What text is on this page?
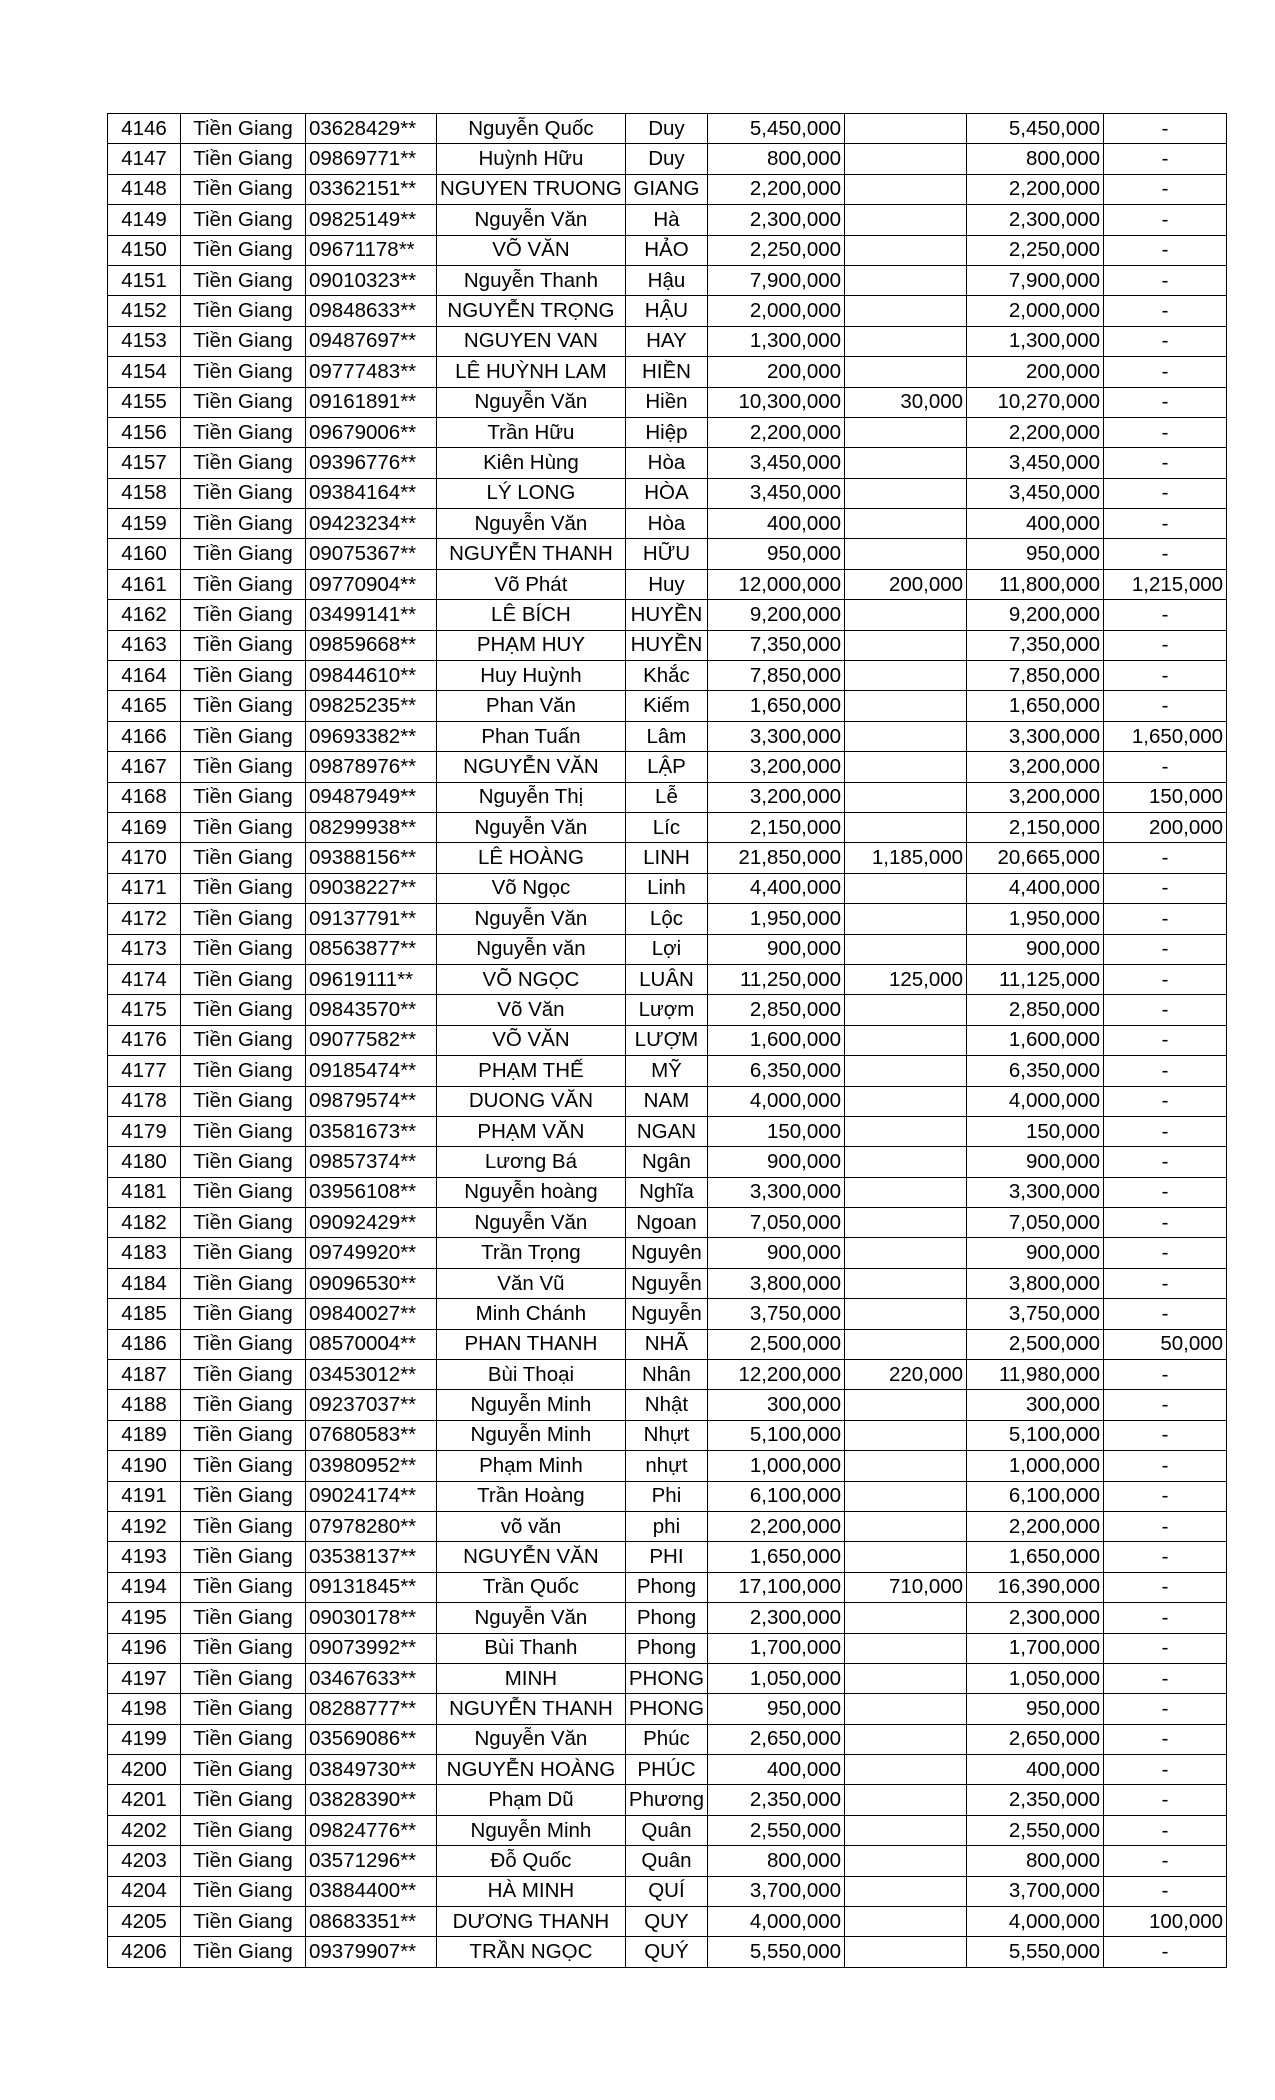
4146	Tiền Giang	03628429**	Nguyễn Quốc	Duy	5,450,000		5,450,000	-
4147	Tiền Giang	09869771**	Huỳnh Hữu	Duy	800,000		800,000	-
4148	Tiền Giang	03362151**	NGUYEN TRUONG	GIANG	2,200,000		2,200,000	-
4149	Tiền Giang	09825149**	Nguyễn Văn	Hà	2,300,000		2,300,000	-
4150	Tiền Giang	09671178**	VÕ VĂN	HẢO	2,250,000		2,250,000	-
4151	Tiền Giang	09010323**	Nguyễn Thanh	Hậu	7,900,000		7,900,000	-
4152	Tiền Giang	09848633**	NGUYỄN TRỌNG	HẬU	2,000,000		2,000,000	-
4153	Tiền Giang	09487697**	NGUYEN VAN	HAY	1,300,000		1,300,000	-
4154	Tiền Giang	09777483**	LÊ HUỲNH LAM	HIỀN	200,000		200,000	-
4155	Tiền Giang	09161891**	Nguyễn Văn	Hiền	10,300,000	30,000	10,270,000	-
4156	Tiền Giang	09679006**	Trần Hữu	Hiệp	2,200,000		2,200,000	-
4157	Tiền Giang	09396776**	Kiên Hùng	Hòa	3,450,000		3,450,000	-
4158	Tiền Giang	09384164**	LÝ LONG	HÒA	3,450,000		3,450,000	-
4159	Tiền Giang	09423234**	Nguyễn Văn	Hòa	400,000		400,000	-
4160	Tiền Giang	09075367**	NGUYỄN THANH	HỮU	950,000		950,000	-
4161	Tiền Giang	09770904**	Võ Phát	Huy	12,000,000	200,000	11,800,000	1,215,000
4162	Tiền Giang	03499141**	LÊ BÍCH	HUYỀN	9,200,000		9,200,000	-
4163	Tiền Giang	09859668**	PHẠM HUY	HUYỀN	7,350,000		7,350,000	-
4164	Tiền Giang	09844610**	Huy Huỳnh	Khắc	7,850,000		7,850,000	-
4165	Tiền Giang	09825235**	Phan Văn	Kiếm	1,650,000		1,650,000	-
4166	Tiền Giang	09693382**	Phan Tuấn	Lâm	3,300,000		3,300,000	1,650,000
4167	Tiền Giang	09878976**	NGUYỄN VĂN	LẬP	3,200,000		3,200,000	-
4168	Tiền Giang	09487949**	Nguyễn Thị	Lễ	3,200,000		3,200,000	150,000
4169	Tiền Giang	08299938**	Nguyễn Văn	Líc	2,150,000		2,150,000	200,000
4170	Tiền Giang	09388156**	LÊ HOÀNG	LINH	21,850,000	1,185,000	20,665,000	-
4171	Tiền Giang	09038227**	Võ Ngọc	Linh	4,400,000		4,400,000	-
4172	Tiền Giang	09137791**	Nguyễn Văn	Lộc	1,950,000		1,950,000	-
4173	Tiền Giang	08563877**	Nguyễn văn	Lợi	900,000		900,000	-
4174	Tiền Giang	09619111**	VÕ NGỌC	LUÂN	11,250,000	125,000	11,125,000	-
4175	Tiền Giang	09843570**	Võ Văn	Lượm	2,850,000		2,850,000	-
4176	Tiền Giang	09077582**	VÕ VĂN	LƯỢM	1,600,000		1,600,000	-
4177	Tiền Giang	09185474**	PHẠM THẾ	MỸ	6,350,000		6,350,000	-
4178	Tiền Giang	09879574**	DUONG VĂN	NAM	4,000,000		4,000,000	-
4179	Tiền Giang	03581673**	PHẠM VĂN	NGAN	150,000		150,000	-
4180	Tiền Giang	09857374**	Lương Bá	Ngân	900,000		900,000	-
4181	Tiền Giang	03956108**	Nguyễn hoàng	Nghĩa	3,300,000		3,300,000	-
4182	Tiền Giang	09092429**	Nguyễn Văn	Ngoan	7,050,000		7,050,000	-
4183	Tiền Giang	09749920**	Trần Trọng	Nguyên	900,000		900,000	-
4184	Tiền Giang	09096530**	Văn Vũ	Nguyễn	3,800,000		3,800,000	-
4185	Tiền Giang	09840027**	Minh Chánh	Nguyễn	3,750,000		3,750,000	-
4186	Tiền Giang	08570004**	PHAN THANH	NHÃ	2,500,000		2,500,000	50,000
4187	Tiền Giang	03453012**	Bùi Thoại	Nhân	12,200,000	220,000	11,980,000	-
4188	Tiền Giang	09237037**	Nguyễn Minh	Nhật	300,000		300,000	-
4189	Tiền Giang	07680583**	Nguyễn Minh	Nhựt	5,100,000		5,100,000	-
4190	Tiền Giang	03980952**	Phạm Minh	nhựt	1,000,000		1,000,000	-
4191	Tiền Giang	09024174**	Trần Hoàng	Phi	6,100,000		6,100,000	-
4192	Tiền Giang	07978280**	võ văn	phi	2,200,000		2,200,000	-
4193	Tiền Giang	03538137**	NGUYỄN VĂN	PHI	1,650,000		1,650,000	-
4194	Tiền Giang	09131845**	Trần Quốc	Phong	17,100,000	710,000	16,390,000	-
4195	Tiền Giang	09030178**	Nguyễn Văn	Phong	2,300,000		2,300,000	-
4196	Tiền Giang	09073992**	Bùi Thanh	Phong	1,700,000		1,700,000	-
4197	Tiền Giang	03467633**	MINH	PHONG	1,050,000		1,050,000	-
4198	Tiền Giang	08288777**	NGUYỄN THANH	PHONG	950,000		950,000	-
4199	Tiền Giang	03569086**	Nguyễn Văn	Phúc	2,650,000		2,650,000	-
4200	Tiền Giang	03849730**	NGUYỄN HOÀNG	PHÚC	400,000		400,000	-
4201	Tiền Giang	03828390**	Phạm Dũ	Phương	2,350,000		2,350,000	-
4202	Tiền Giang	09824776**	Nguyễn Minh	Quân	2,550,000		2,550,000	-
4203	Tiền Giang	03571296**	Đỗ Quốc	Quân	800,000		800,000	-
4204	Tiền Giang	03884400**	HÀ MINH	QUÍ	3,700,000		3,700,000	-
4205	Tiền Giang	08683351**	DƯƠNG THANH	QUY	4,000,000		4,000,000	100,000
4206	Tiền Giang	09379907**	TRẦN NGỌC	QUÝ	5,550,000		5,550,000	-
